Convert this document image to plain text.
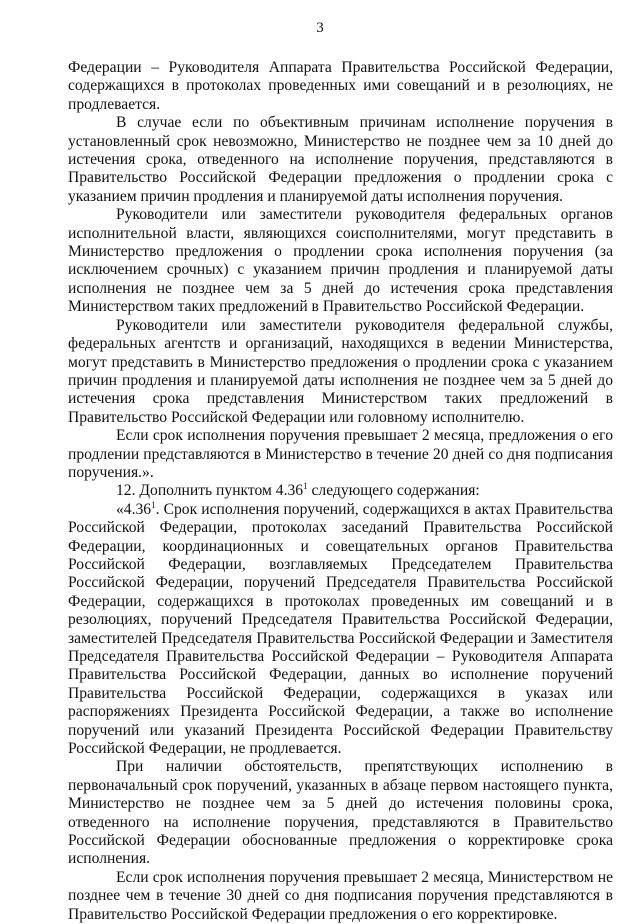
3

Федерации – Руководителя Аппарата Правительства Российской Федерации, содержащихся в протоколах проведенных ими совещаний и в резолюциях, не продлевается.

В случае если по объективным причинам исполнение поручения в установленный срок невозможно, Министерство не позднее чем за 10 дней до истечения срока, отведенного на исполнение поручения, представляются в Правительство Российской Федерации предложения о продлении срока с указанием причин продления и планируемой даты исполнения поручения.

Руководители или заместители руководителя федеральных органов исполнительной власти, являющихся соисполнителями, могут представить в Министерство предложения о продлении срока исполнения поручения (за исключением срочных) с указанием причин продления и планируемой даты исполнения не позднее чем за 5 дней до истечения срока представления Министерством таких предложений в Правительство Российской Федерации.

Руководители или заместители руководителя федеральной службы, федеральных агентств и организаций, находящихся в ведении Министерства, могут представить в Министерство предложения о продлении срока с указанием причин продления и планируемой даты исполнения не позднее чем за 5 дней до истечения срока представления Министерством таких предложений в Правительство Российской Федерации или головному исполнителю.

Если срок исполнения поручения превышает 2 месяца, предложения о его продлении представляются в Министерство в течение 20 дней со дня подписания поручения.».

12. Дополнить пунктом 4.36$^1$ следующего содержания:

«4.36$^1$. Срок исполнения поручений, содержащихся в актах Правительства Российской Федерации, протоколах заседаний Правительства Российской Федерации, координационных и совещательных органов Правительства Российской Федерации, возглавляемых Председателем Правительства Российской Федерации, поручений Председателя Правительства Российской Федерации, содержащихся в протоколах проведенных им совещаний и в резолюциях, поручений Председателя Правительства Российской Федерации, заместителей Председателя Правительства Российской Федерации и Заместителя Председателя Правительства Российской Федерации – Руководителя Аппарата Правительства Российской Федерации, данных во исполнение поручений Правительства Российской Федерации, содержащихся в указах или распоряжениях Президента Российской Федерации, а также во исполнение поручений или указаний Президента Российской Федерации Правительству Российской Федерации, не продлевается.

При наличии обстоятельств, препятствующих исполнению в первоначальный срок поручений, указанных в абзаце первом настоящего пункта, Министерство не позднее чем за 5 дней до истечения половины срока, отведенного на исполнение поручения, представляются в Правительство Российской Федерации обоснованные предложения о корректировке срока исполнения.

Если срок исполнения поручения превышает 2 месяца, Министерством не позднее чем в течение 30 дней со дня подписания поручения представляются в Правительство Российской Федерации предложения о его корректировке.
